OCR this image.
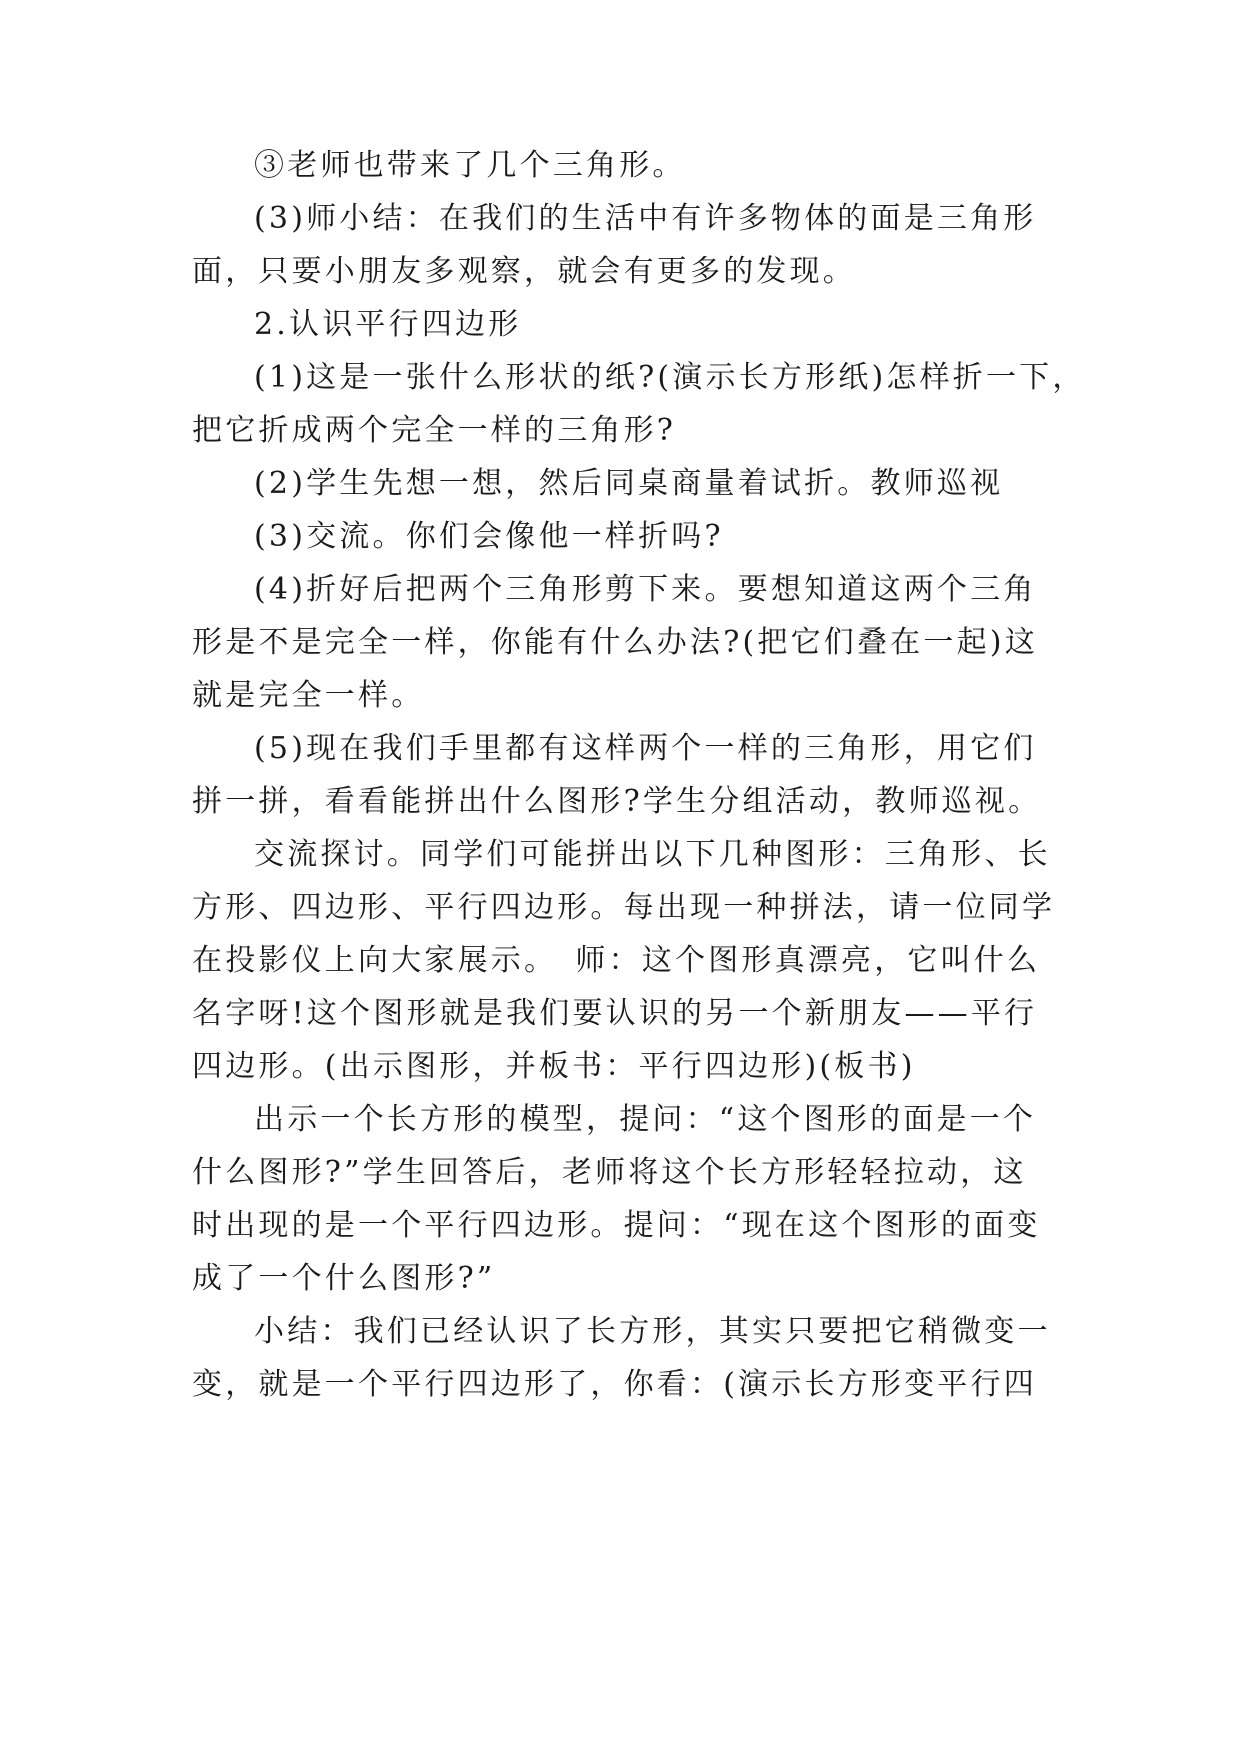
③老师也带来了几个三角形。
(3)师小结：在我们的生活中有许多物体的面是三角形
面，只要小朋友多观察，就会有更多的发现。
2.认识平行四边形
(1)这是一张什么形状的纸?(演示长方形纸)怎样折一下，
把它折成两个完全一样的三角形?
(2)学生先想一想，然后同桌商量着试折。教师巡视
(3)交流。你们会像他一样折吗?
(4)折好后把两个三角形剪下来。要想知道这两个三角
形是不是完全一样，你能有什么办法?(把它们叠在一起)这
就是完全一样。
(5)现在我们手里都有这样两个一样的三角形，用它们
拼一拼，看看能拼出什么图形?学生分组活动，教师巡视。
交流探讨。同学们可能拼出以下几种图形：三角形、长
方形、四边形、平行四边形。每出现一种拼法，请一位同学
在投影仪上向大家展示。　师：这个图形真漂亮，它叫什么
名字呀!这个图形就是我们要认识的另一个新朋友——平行
四边形。(出示图形，并板书：平行四边形)(板书)
出示一个长方形的模型，提问：“这个图形的面是一个
什么图形?”学生回答后，老师将这个长方形轻轻拉动，这
时出现的是一个平行四边形。提问：“现在这个图形的面变
成了一个什么图形?”
小结：我们已经认识了长方形，其实只要把它稍微变一
变，就是一个平行四边形了，你看：(演示长方形变平行四
